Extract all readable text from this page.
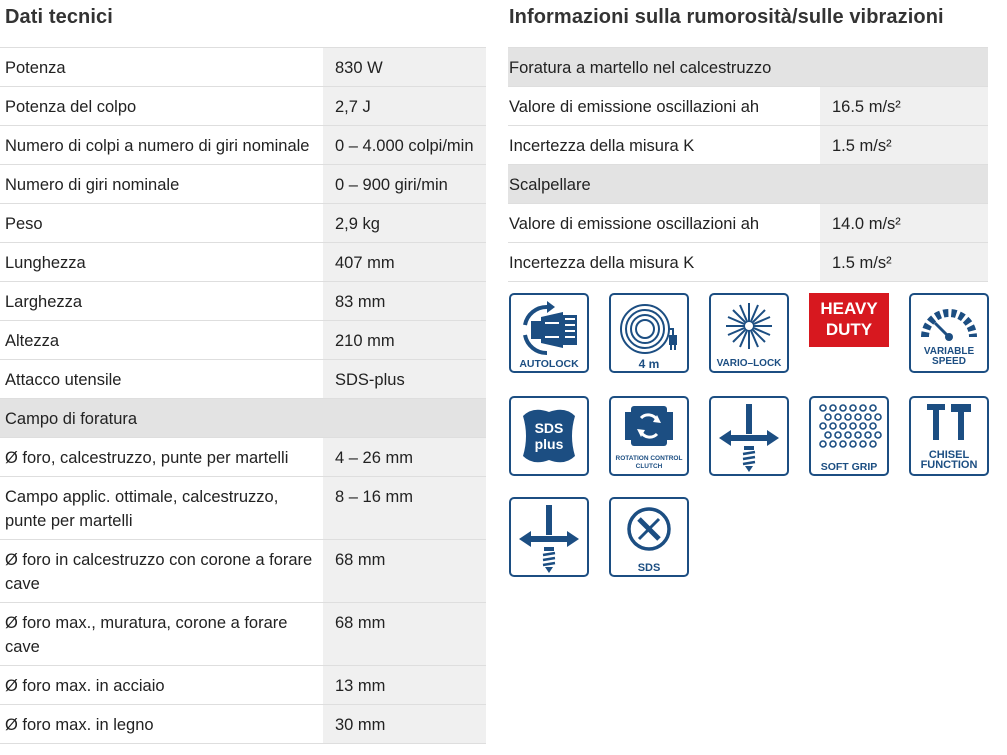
Dati tecnici	Informazioni sulla rumorosità/sulle vibrazioni
Potenza	830 W
Potenza del colpo	2,7 J
Numero di colpi a numero di giri nominale	0 – 4.000 colpi/min
Numero di giri nominale	0 – 900 giri/min
Peso	2,9 kg
Lunghezza	407 mm
Larghezza	83 mm
Altezza	210 mm
Attacco utensile	SDS-plus
Campo di foratura	
Ø foro, calcestruzzo, punte per martelli	4 – 26 mm
Campo applic. ottimale, calcestruzzo, punte per martelli	8 – 16 mm
Ø foro in calcestruzzo con corone a forare cave	68 mm
Ø foro max., muratura, corone a forare cave	68 mm
Ø foro max. in acciaio	13 mm
Ø foro max. in legno	30 mm
Foratura a martello nel calcestruzzo	
Valore di emissione oscillazioni ah	16.5 m/s²
Incertezza della misura K	1.5 m/s²
Scalpellare	
Valore di emissione oscillazioni ah	14.0 m/s²
Incertezza della misura K	1.5 m/s²
AUTOLOCK	4 m	VARIO–LOCK
HEAVY
DUTY
VARIABLE
SPEED
SDS
plus
ROTATION CONTROL
CLUTCH	SOFT GRIP
CHISEL
FUNCTION
SDS
